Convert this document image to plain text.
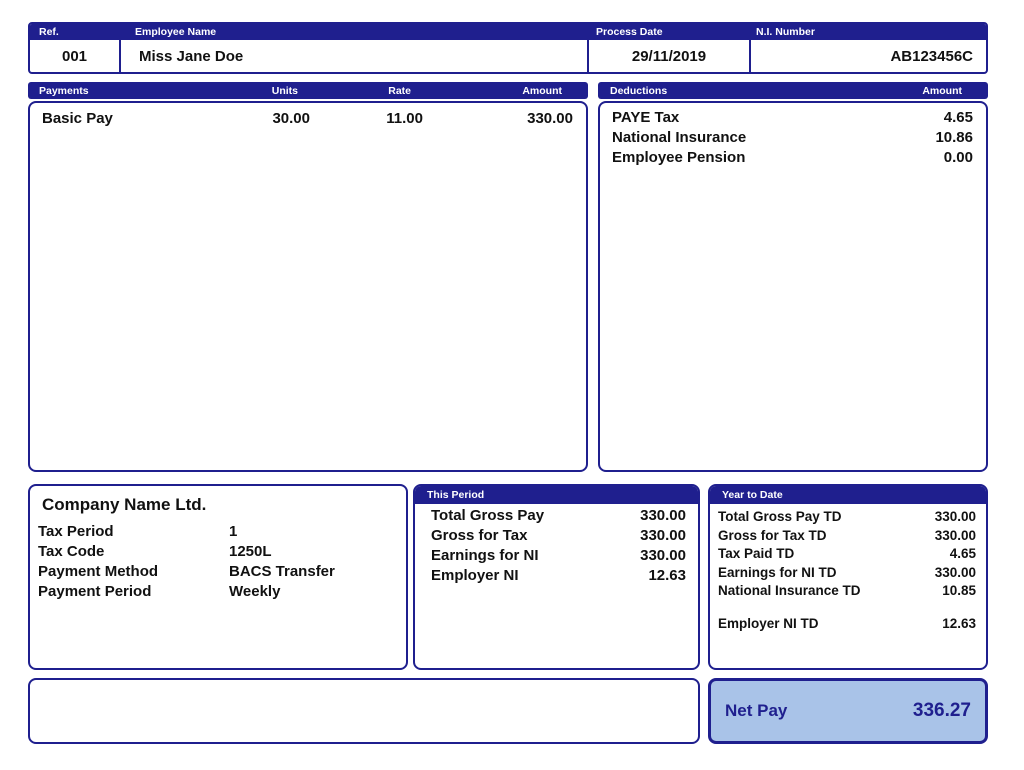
Ref.	Employee Name	Process Date	N.I. Number
001	Miss Jane Doe	29/11/2019	AB123456C
Payments	Units	Rate	Amount
Basic Pay	30.00	11.00	330.00
Deductions	Amount
PAYE Tax	4.65
National Insurance	10.86
Employee Pension	0.00
Company Name Ltd.
Tax Period	1
Tax Code	1250L
Payment Method	BACS Transfer
Payment Period	Weekly
This Period
Total Gross Pay	330.00
Gross for Tax	330.00
Earnings for NI	330.00
Employer NI	12.63
Year to Date
Total Gross Pay TD	330.00
Gross for Tax TD	330.00
Tax Paid TD	4.65
Earnings for NI TD	330.00
National Insurance TD	10.85
Employer NI TD	12.63
Net Pay	336.27
